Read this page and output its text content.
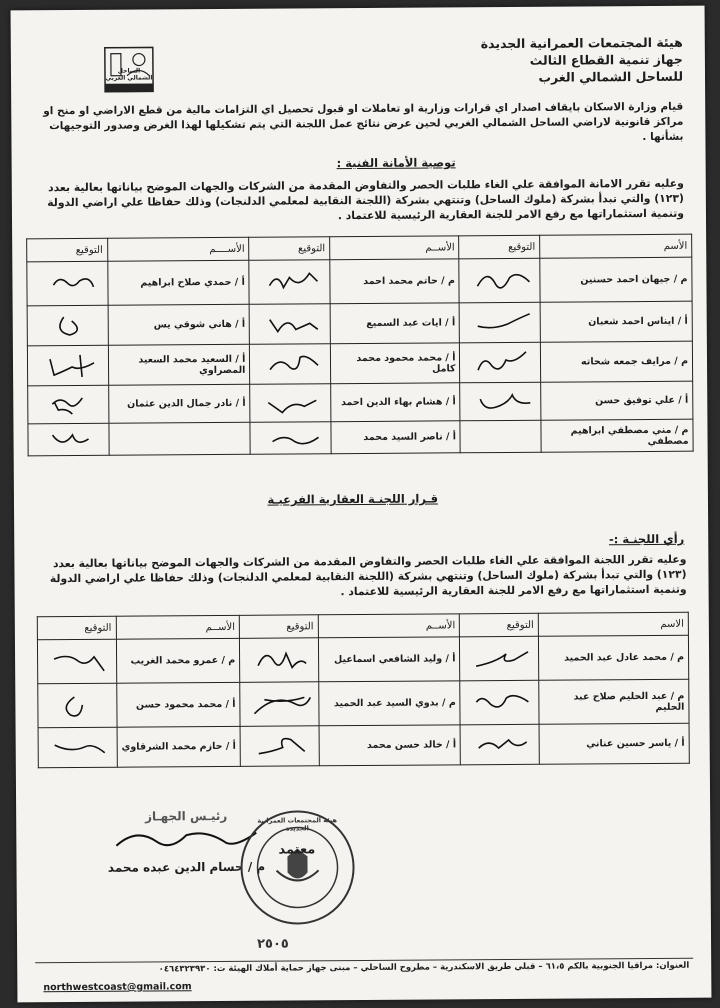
الساحل الشمالي الغربي
هيئة المجتمعات العمرانية الجديدة
جهاز تنمية القطاع الثالث
للساحل الشمالي الغرب
قيام وزارة الاسكان بايقاف اصدار اي قرارات وزارية او تعاملات او قبول تحصيل اي التزامات مالية من قطع الاراضي او منح او مراكز قانونية لاراضي الساحل الشمالي الغربي لحين عرض نتائج عمل اللجنة التي يتم تشكيلها لهذا الغرض وصدور التوجيهات بشأنها .
توصية الأمانة الفنية :
وعليه تقرر الامانة الموافقة علي الغاء طلبات الحصر والتفاوض المقدمة من الشركات والجهات الموضح بياناتها بعالية بعدد (١٢٣) والتي تبدأ بشركة (ملوك الساحل) وتنتهي بشركة (اللجنة النقابية لمعلمي الدلنجات) وذلك حفاظا علي اراضي الدولة وتنمية استثماراتها مع رفع الامر للجنة العقارية الرئيسية للاعتماد .
الأسم	التوقيع	الأســم	التوقيع	الأســــم	التوقيع
م / جيهان احمد حسنين		م / حاتم محمد احمد		أ / حمدي صلاح ابراهيم	

أ / ايناس احمد شعبان		أ / ايات عبد السميع		أ / هاني شوقي يس	

م / مرايف جمعه شحاته		أ / محمد محمود محمد كامل		أ / السعيد محمد السعيد المصراوي	

أ / علي توفيق حسن		أ / هشام بهاء الدين احمد		أ / نادر جمال الدين عثمان	

م / مني مصطفي ابراهيم مصطفي		أ / ناصر السيد محمد	

قـرار اللجنـة العقارية الفرعيـة
رأي اللجنـة :-
وعليه تقرر اللجنة الموافقة علي الغاء طلبات الحصر والتفاوض المقدمة من الشركات والجهات الموضح بياناتها بعالية بعدد (١٢٣) والتي تبدأ بشركة (ملوك الساحل) وتنتهي بشركة (اللجنة النقابية لمعلمي الدلنجات) وذلك حفاظا علي اراضي الدولة وتنمية استثماراتها مع رفع الامر للجنة العقارية الرئيسية للاعتماد .
الاسم	التوقيع	الأســم	التوقيع	الأســم	التوقيع
م / محمد عادل عبد الحميد		أ / وليد الشافعي اسماعيل		م / عمرو محمد الغريب	

م / عبد الحليم صلاح عبد الحليم		م / بدوي السيد عبد الحميد		أ / محمد محمود حسن	

أ / ياسر حسين عناني		أ / خالد حسن محمد		أ / حازم محمد الشرقاوي	
رئيـس الجهـاز
م / حسام الدين عبده محمد
هيئة المجتمعات العمرانية الجديدة
معتمد
٢٥٠٥
العنوان: مراقيا الجنوبية بالكم ٦١،٥ – قبلي طريق الاسكندرية – مطروح الساحلي – مبنى جهاز حماية أملاك الهيئة ت: ٠٤٦٤٣٢٣٩٣٠
northwestcoast@gmail.com
